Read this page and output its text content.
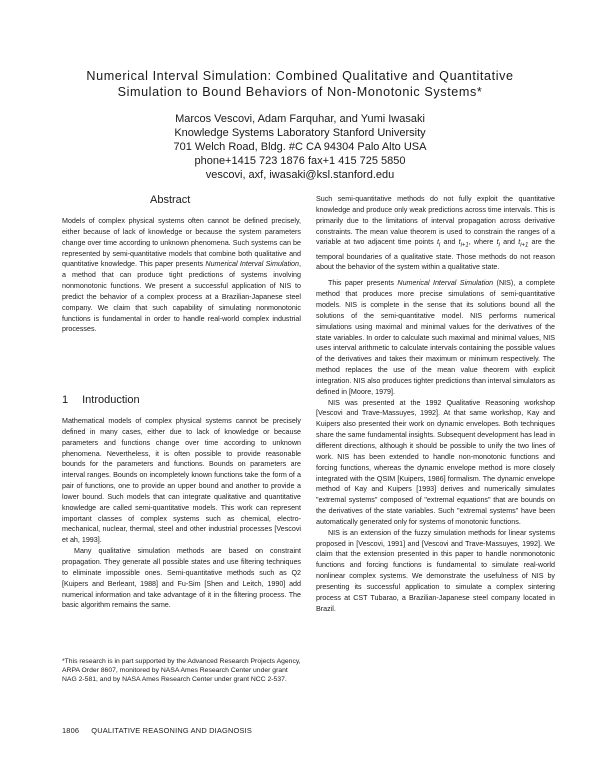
Numerical Interval Simulation: Combined Qualitative and Quantitative
Simulation to Bound Behaviors of Non-Monotonic Systems*
Marcos Vescovi, Adam Farquhar, and Yumi Iwasaki
Knowledge Systems Laboratory Stanford University
701 Welch Road, Bldg. #C CA 94304 Palo Alto USA
phone+1415 723 1876 fax+1 415 725 5850
vescovi, axf, iwasaki@ksl.stanford.edu
Abstract

Models of complex physical systems often cannot be defined precisely, either because of lack of knowledge or because the system parameters change over time according to unknown phenomena. Such systems can be represented by semi-quantitative models that combine both qualitative and quantitative knowledge. This paper presents Numerical Interval Simulation, a method that can produce tight predictions of systems involving nonmonotonic functions. We present a successful application of NIS to predict the behavior of a complex process at a Brazilian-Japanese steel company. We claim that such capability of simulating nonmonotonic functions is fundamental in order to handle real-world complex industrial processes.

1 Introduction

Mathematical models of complex physical systems cannot be precisely defined in many cases, either due to lack of knowledge or because parameters and functions change over time according to unknown phenomena. Nevertheless, it is often possible to provide reasonable bounds for the parameters and functions. Bounds on parameters are interval ranges. Bounds on incompletely known functions take the form of a pair of functions, one to provide an upper bound and another to provide a lower bound. Such models that can integrate qualitative and quantitative knowledge are called semi-quantitative models. This work can represent important classes of complex systems such as chemical, electro-mechanical, nuclear, thermal, steel and other industrial processes [Vescovi et ah, 1993].

Many qualitative simulation methods are based on constraint propagation. They generate all possible states and use filtering techniques to eliminate impossible ones. Semi-quantitative methods such as Q2 [Kuipers and Berleant, 1988] and Fu-Sim [Shen and Leitch, 1990] add numerical information and take advantage of it in the filtering process. The basic algorithm remains the same.

*This research is in part supported by the Advanced Research Projects Agency, ARPA Order 8607, monitored by NASA Ames Research Center under grant NAG 2-581, and by NASA Ames Research Center under grant NCC 2-537.

Such semi-quantitative methods do not fully exploit the quantitative knowledge and produce only weak predictions across time intervals. This is primarily due to the limitations of interval propagation across derivative constraints. The mean value theorem is used to constrain the ranges of a variable at two adjacent time points $t_i$ and $t_{i+1}$, where $t_i$ and $t_{i+1}$ are the temporal boundaries of a qualitative state. Those methods do not reason about the behavior of the system within a qualitative state.

This paper presents Numerical Interval Simulation (NIS), a complete method that produces more precise simulations of semi-quantitative models. NIS is complete in the sense that its solutions bound all the solutions of the semi-quantitative model. NIS performs numerical simulations using maximal and minimal values for the derivatives of the state variables. In order to calculate such maximal and minimal values, NIS uses interval arithmetic to calculate intervals containing the possible values of the derivatives and takes their maximum or minimum respectively. The method replaces the use of the mean value theorem with explicit integration. NIS also produces tighter predictions than interval simulators as defined in [Moore, 1979].

NIS was presented at the 1992 Qualitative Reasoning workshop [Vescovi and Trave-Massuyes, 1992]. At that same workshop, Kay and Kuipers also presented their work on dynamic envelopes. Both techniques share the same fundamental insights. Subsequent development has lead in different directions, although it should be possible to unify the two lines of work. NIS has been extended to handle non-monotonic functions and forcing functions, whereas the dynamic envelope method is more closely integrated with the QSIM [Kuipers, 1986] formalism. The dynamic envelope method of Kay and Kuipers [1993] derives and numerically simulates "extremal systems" composed of "extremal equations" that are bounds on the derivatives of the state variables. Such "extremal systems" have been automatically generated only for systems of monotonic functions.

NIS is an extension of the fuzzy simulation methods for linear systems proposed in [Vescovi, 1991] and [Vescovi and Trave-Massuyes, 1992]. We claim that the extension presented in this paper to handle nonmonotonic functions and forcing functions is fundamental to simulate real-world nonlinear complex systems. We demonstrate the usefulness of NIS by presenting its successful application to simulate a complex sintering process at CST Tubarao, a Brazilian-Japanese steel company located in Brazil.

1806 QUALITATIVE REASONING AND DIAGNOSIS
